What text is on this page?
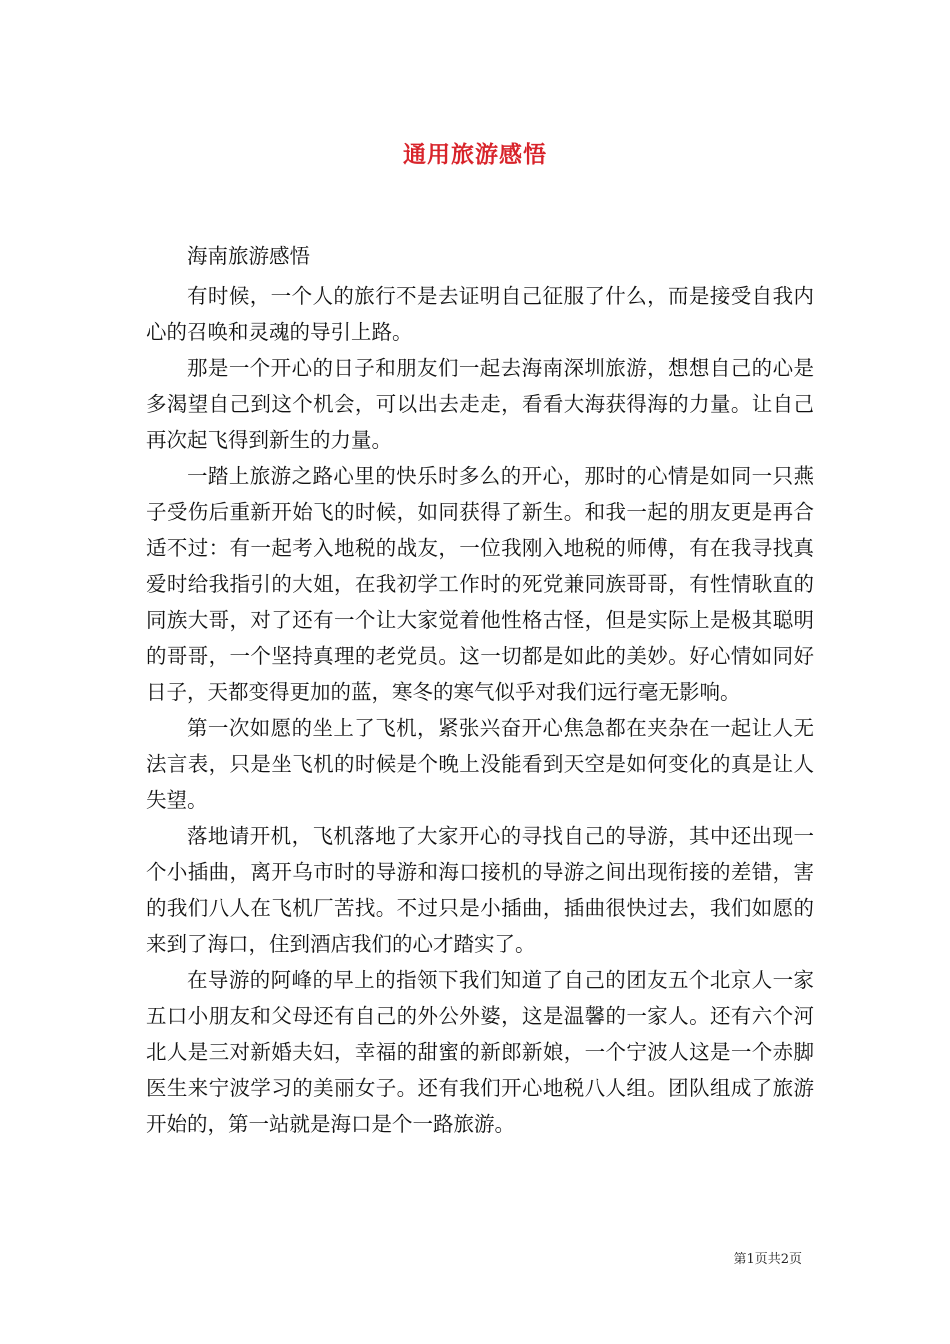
通用旅游感悟

海南旅游感悟

有时候，一个人的旅行不是去证明自己征服了什么，而是接受自我内心的召唤和灵魂的导引上路。

那是一个开心的日子和朋友们一起去海南深圳旅游，想想自己的心是多渴望自己到这个机会，可以出去走走，看看大海获得海的力量。让自己再次起飞得到新生的力量。

一踏上旅游之路心里的快乐时多么的开心，那时的心情是如同一只燕子受伤后重新开始飞的时候，如同获得了新生。和我一起的朋友更是再合适不过：有一起考入地税的战友，一位我刚入地税的师傅，有在我寻找真爱时给我指引的大姐，在我初学工作时的死党兼同族哥哥，有性情耿直的同族大哥，对了还有一个让大家觉着他性格古怪，但是实际上是极其聪明的哥哥，一个坚持真理的老党员。这一切都是如此的美妙。好心情如同好日子，天都变得更加的蓝，寒冬的寒气似乎对我们远行毫无影响。

第一次如愿的坐上了飞机，紧张兴奋开心焦急都在夹杂在一起让人无法言表，只是坐飞机的时候是个晚上没能看到天空是如何变化的真是让人失望。

落地请开机，飞机落地了大家开心的寻找自己的导游，其中还出现一个小插曲，离开乌市时的导游和海口接机的导游之间出现衔接的差错，害的我们八人在飞机厂苦找。不过只是小插曲，插曲很快过去，我们如愿的来到了海口，住到酒店我们的心才踏实了。

在导游的阿峰的早上的指领下我们知道了自己的团友五个北京人一家五口小朋友和父母还有自己的外公外婆，这是温馨的一家人。还有六个河北人是三对新婚夫妇，幸福的甜蜜的新郎新娘，一个宁波人这是一个赤脚医生来宁波学习的美丽女子。还有我们开心地税八人组。团队组成了旅游开始的，第一站就是海口是个一路旅游。

第1页共2页
